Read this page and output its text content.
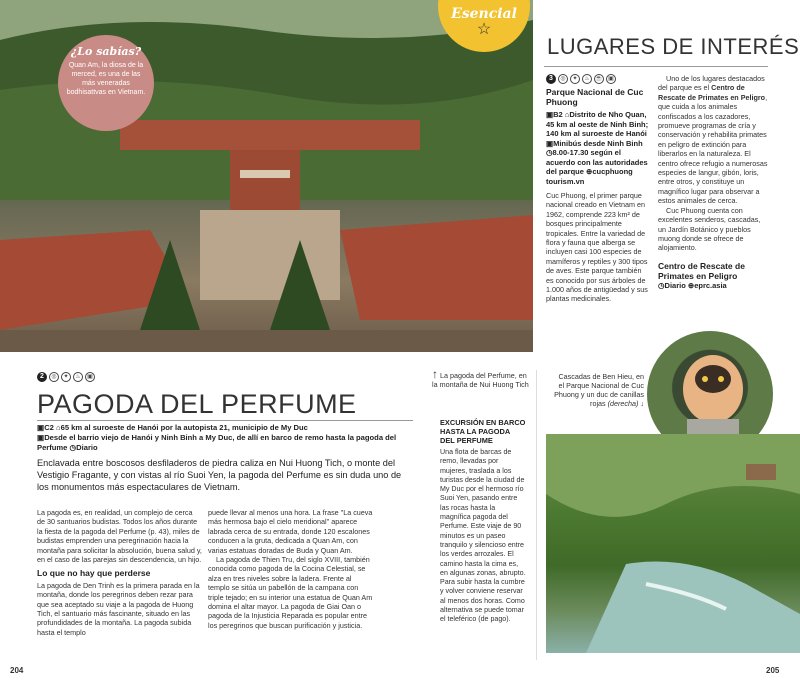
Esencial
☆
¿Lo sabías?

Quan Am, la diosa de la merced, es una de las más veneradas bodhisattvas en Vietnam.

LUGARES DE INTERÉS
3	◎	✦	♨ ☕ ▣
Parque Nacional de Cuc Phuong
▣B2 ⌂Distrito de Nho Quan, 45 km al oeste de Ninh Binh; 140 km al suroeste de Hanói
▣Minibús desde Ninh Binh
◷8.00-17.30 según el acuerdo con las autoridades del parque ⊕cucphuong tourism.vn

Cuc Phuong, el primer parque nacional creado en Vietnam en 1962, comprende 223 km² de bosques principalmente tropicales. Entre la variedad de flora y fauna que alberga se incluyen casi 100 especies de mamíferos y reptiles y 300 tipos de aves. Este parque también es conocido por sus árboles de 1.000 años de antigüedad y sus plantas medicinales.

Uno de los lugares destacados del parque es el Centro de Rescate de Primates en Peligro, que cuida a los animales confiscados a los cazadores, promueve programas de cría y conservación y rehabilita primates en peligro de extinción para liberarlos en la naturaleza. El centro ofrece refugio a numerosas especies de langur, gibón, loris, entre otros, y constituye un magnífico lugar para observar a estos animales de cerca.

Cuc Phuong cuenta con excelentes senderos, cascadas, un Jardín Botánico y pueblos muong donde se ofrece de alojamiento.

Centro de Rescate de Primates en Peligro
◷Diario ⊕eprc.asia
Cascadas de Ben Hieu, en el Parque Nacional de Cuc Phuong y un duc de canillas rojas (derecha) ↓
↑ La pagoda del Perfume, en la montaña de Nui Huong Tich
2	◎	✦	♨	▣
PAGODA DEL PERFUME
▣C2 ⌂65 km al suroeste de Hanói por la autopista 21, municipio de My Duc
▣Desde el barrio viejo de Hanói y Ninh Binh a My Duc, de allí en barco de remo hasta la pagoda del Perfume ◷Diario

Enclavada entre boscosos desfiladeros de piedra caliza en Nui Huong Tich, o monte del Vestigio Fragante, y con vistas al río Suoi Yen, la pagoda del Perfume es sin duda uno de los monumentos más espectaculares de Vietnam.

La pagoda es, en realidad, un complejo de cerca de 30 santuarios budistas. Todos los años durante la fiesta de la pagoda del Perfume (p. 43), miles de budistas emprenden una peregrinación hacia la montaña para solicitar la absolución, buena salud y, en el caso de las parejas sin descendencia, un hijo.

Lo que no hay que perderse

La pagoda de Den Trinh es la primera parada en la montaña, donde los peregrinos deben rezar para que sea aceptado su viaje a la pagoda de Huong Tich, el santuario más fascinante, situado en las profundidades de la montaña. La pagoda subida hasta el templo

puede llevar al menos una hora. La frase "La cueva más hermosa bajo el cielo meridional" aparece labrada cerca de su entrada, donde 120 escalones conducen a la gruta, dedicada a Quan Am, con varias estatuas doradas de Buda y Quan Am.

La pagoda de Thien Tru, del siglo XVIII, también conocida como pagoda de la Cocina Celestial, se alza en tres niveles sobre la ladera. Frente al templo se sitúa un pabellón de la campana con triple tejado; en su interior una estatua de Quan Am domina el altar mayor. La pagoda de Giai Oan o pagoda de la Injusticia Reparada es popular entre los peregrinos que buscan purificación y justicia.

EXCURSIÓN EN BARCO HASTA LA PAGODA DEL PERFUME

Una flota de barcas de remo, llevadas por mujeres, traslada a los turistas desde la ciudad de My Duc por el hermoso río Suoi Yen, pasando entre las rocas hasta la magnífica pagoda del Perfume. Este viaje de 90 minutos es un paseo tranquilo y silencioso entre los verdes arrozales. El camino hasta la cima es, en algunas zonas, abrupto. Para subir hasta la cumbre y volver conviene reservar al menos dos horas. Como alternativa se puede tomar el teleférico (de pago).

204	205
